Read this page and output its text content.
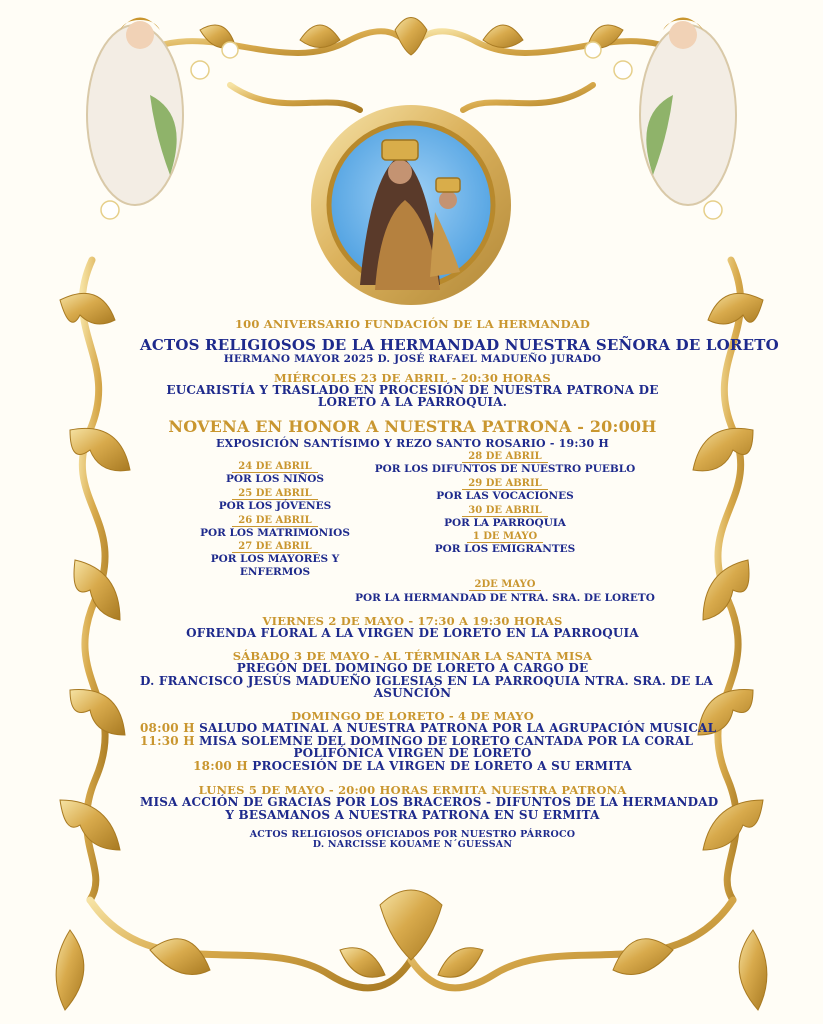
100 ANIVERSARIO FUNDACIÓN DE LA HERMANDAD
ACTOS RELIGIOSOS DE LA HERMANDAD NUESTRA SEÑORA DE LORETO
HERMANO MAYOR 2025 D. JOSÉ RAFAEL MADUEÑO JURADO
MIÉRCOLES 23 DE ABRIL - 20:30 HORAS
EUCARISTÍA Y TRASLADO EN PROCESIÓN DE NUESTRA PATRONA DE
LORETO A LA PARROQUIA.
NOVENA EN HONOR A NUESTRA PATRONA - 20:00H
EXPOSICIÓN SANTÍSIMO Y REZO SANTO ROSARIO - 19:30 H
24 DE ABRIL
POR LOS NIÑOS
25 DE ABRIL
POR LOS JÓVENES
26 DE ABRIL
POR LOS MATRIMONIOS
27 DE ABRIL
POR LOS MAYORES Y ENFERMOS
28 DE ABRIL
POR LOS DIFUNTOS DE NUESTRO PUEBLO
29 DE ABRIL
POR LAS VOCACIONES
30 DE ABRIL
POR LA PARROQUIA
1 DE MAYO
POR LOS EMIGRANTES
2DE MAYO
POR LA HERMANDAD DE NTRA. SRA. DE LORETO
VIERNES 2 DE MAYO - 17:30 A 19:30 HORAS
OFRENDA FLORAL A LA VIRGEN DE LORETO EN LA PARROQUIA
SÁBADO 3 DE MAYO - AL TÉRMINAR LA SANTA MISA
PREGÓN DEL DOMINGO DE LORETO A CARGO DE
D. FRANCISCO JESÚS MADUEÑO IGLESIAS EN LA PARROQUIA NTRA. SRA. DE LA
ASUNCIÓN
DOMINGO DE LORETO - 4 DE MAYO
08:00 H SALUDO MATINAL A NUESTRA PATRONA POR LA AGRUPACIÓN MUSICAL
11:30 H MISA SOLEMNE DEL DOMINGO DE LORETO CANTADA POR LA CORAL
POLIFÓNICA VIRGEN DE LORETO
18:00 H PROCESIÓN DE LA VIRGEN DE LORETO A SU ERMITA
LUNES 5 DE MAYO - 20:00 HORAS ERMITA NUESTRA PATRONA
MISA ACCIÓN DE GRACIAS POR LOS BRACEROS - DIFUNTOS DE LA HERMANDAD
Y BESAMANOS A NUESTRA PATRONA EN SU ERMITA
ACTOS RELIGIOSOS OFICIADOS POR NUESTRO PÁRROCO
D. NARCISSE KOUAME N´GUESSAN
